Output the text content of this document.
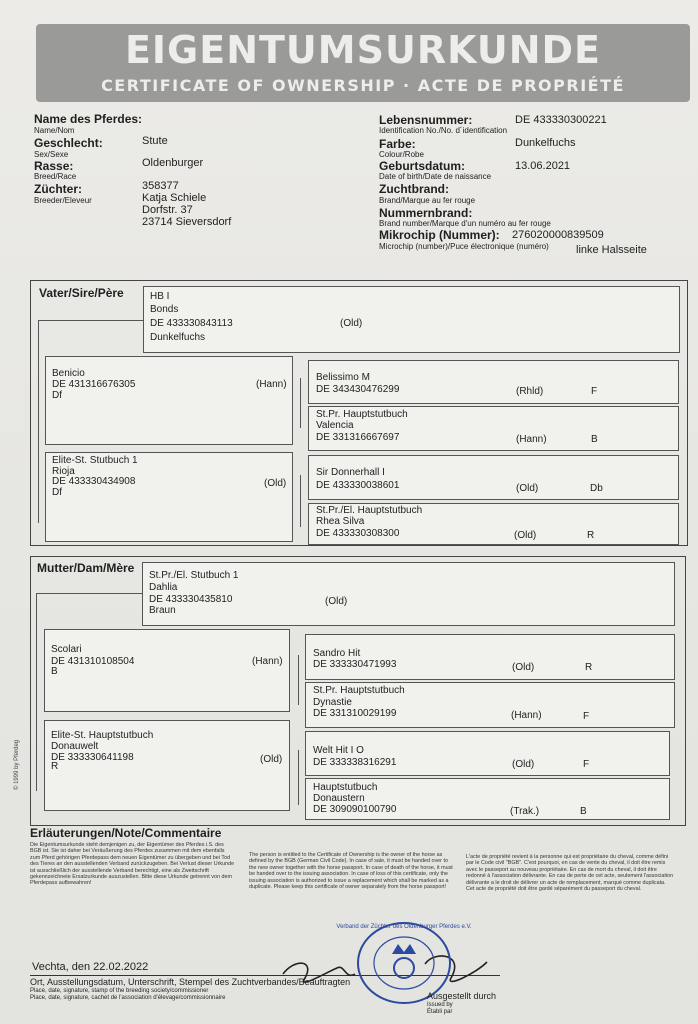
EIGENTUMSURKUNDE
CERTIFICATE OF OWNERSHIP · ACTE DE PROPRIÉTÉ
Name des Pferdes:
Name/Nom
Geschlecht:
Sex/Sexe
Stute
Rasse:
Breed/Race
Oldenburger
Züchter:
Breeder/Eleveur
358377
Katja Schiele
Dorfstr. 37
23714 Sieversdorf
Lebensnummer:
Identification No./No. d´identification
DE 433330300221
Farbe:
Colour/Robe
Dunkelfuchs
Geburtsdatum:
Date of birth/Date de naissance
13.06.2021
Zuchtbrand:
Brand/Marque au fer rouge
Nummernbrand:
Brand number/Marque d'un numéro au fer rouge
Mikrochip (Nummer): 276020000839509
Microchip (number)/Puce électronique (numéro) linke Halsseite
Vater/Sire/Père	HB I
Bonds
DE 433330843113	(Old)
Dunkelfuchs
Benicio
DE 431316676305	(Hann)
Df
Elite-St. Stutbuch 1
Rioja
DE 433330434908	(Old)
Df
Belissimo M
DE 343430476299	(Rhld)	F
St.Pr. Hauptstutbuch
Valencia
DE 331316667697	(Hann)	B
Sir Donnerhall I
DE 433330038601	(Old)	Db
St.Pr./El. Hauptstutbuch
Rhea Silva
DE 433330308300	(Old)	R
Mutter/Dam/Mère
St.Pr./El. Stutbuch 1
Dahlia
DE 433330435810	(Old)
Braun
Scolari
DE 431310108504	(Hann)
B
Elite-St. Hauptstutbuch
Donauwelt
DE 333330641198	(Old)
R
Sandro Hit
DE 333330471993	(Old)	R
St.Pr. Hauptstutbuch
Dynastie
DE 331310029199	(Hann)	F
Welt Hit I O
DE 333338316291	(Old)	F
Hauptstutbuch
Donaustern
DE 309090100790	(Trak.)	B
© 1999 by Pferdeg
Erläuterungen/Note/Commentaire
Die Eigentumsurkunde steht demjenigen zu, der Eigentümer des Pferdes i.S. des BGB ist. Sie ist daher bei Veräußerung des Pferdes zusammen mit dem ebenfalls zum Pferd gehörigen Pferdepass dem neuen Eigentümer zu übergeben und bei Tod des Tieres an den ausstellenden Verband zurückzugeben. Bei Verlust dieser Urkunde ist ausschließlich der ausstellende Verband berechtigt, eine als Zweitschrift gekennzeichnete Ersatzurkunde auszustellen. Bitte diese Urkunde getrennt von dem Pferdepass aufbewahren!
The person is entitled to the Certificate of Ownership is the owner of the horse as defined by the BGB (German Civil Code). In case of sale, it must be handed over to the new owner together with the horse passport. In case of death of the horse, it must be handed over to the issuing association. In case of loss of this certificate, only the issuing association is authorized to issue a replacement which shall be marked as a duplicate. Please keep this certificate of owner separately from the horse passport!
L'acte de propriété revient à la personne qui est propriétaire du cheval, comme défini par le Code civil "BGB". C'est pourquoi, en cas de vente du cheval, il doit être remis avec le passeport au nouveau propriétaire. En cas de mort du cheval, il doit être redonné à l'association délivrante. En cas de perte de cet acte, seulement l'association délivrante a le droit de délivrer un acte de remplacement, marqué comme duplicata. Cet acte de propriété doit être gardé séparément du passeport du cheval.
Vechta, den 22.02.2022
Ort, Ausstellungsdatum, Unterschrift, Stempel des Zuchtverbandes/Beauftragten
Place, date, signature, stamp of the breeding society/commissioner
Place, date, signature, cachet de l'association d'élevage/commissionnaire
Verband der Züchter des Oldenburger Pferdes e.V.
Ausgestellt durch
Issued by
Établi par
